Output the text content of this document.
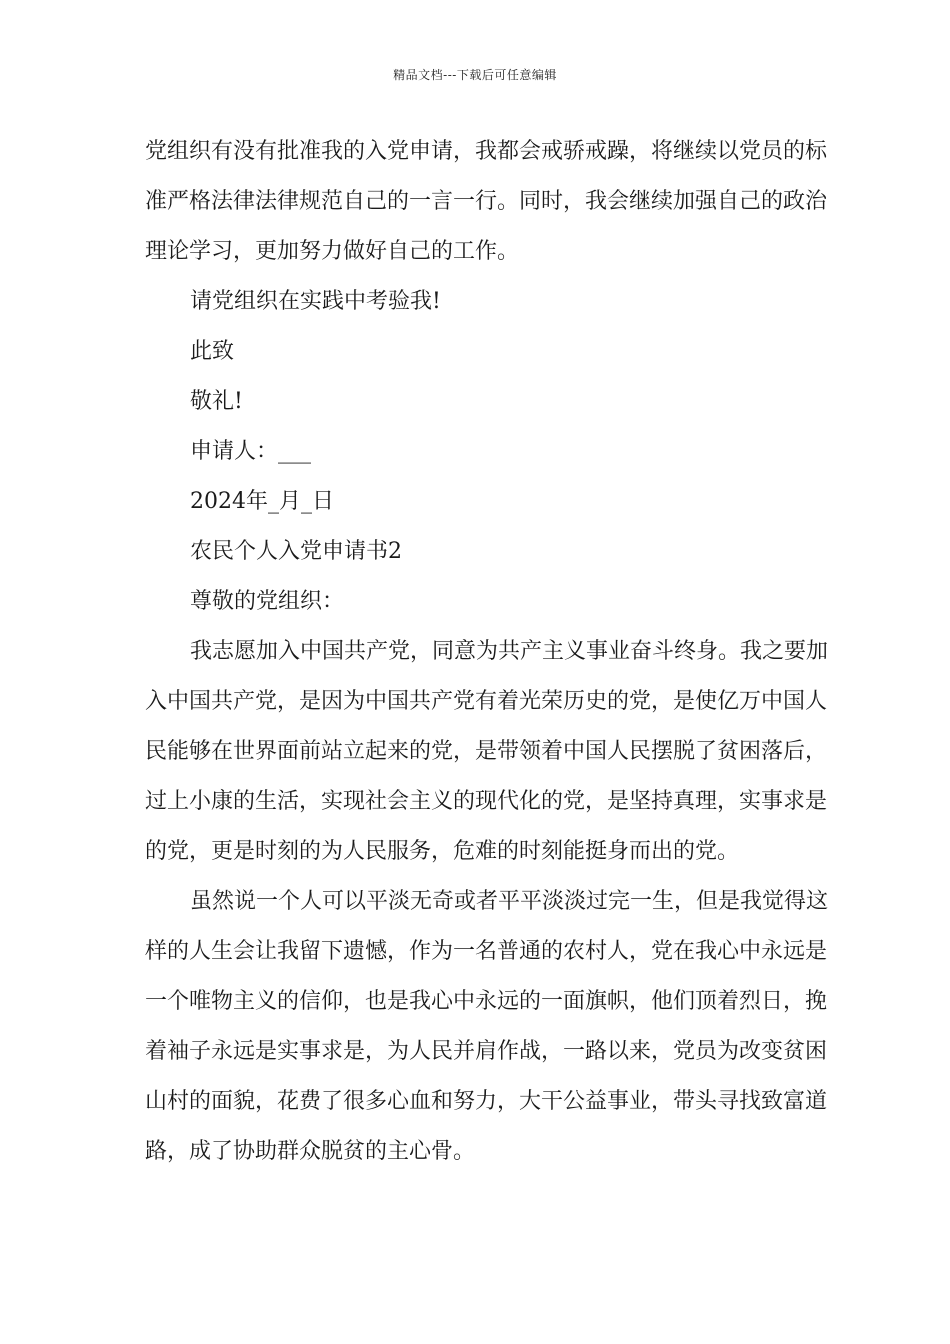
精品文档---下载后可任意编辑

党组织有没有批准我的入党申请，我都会戒骄戒躁，将继续以党员的标准严格法律法律规范自己的一言一行。同时，我会继续加强自己的政治理论学习，更加努力做好自己的工作。

请党组织在实践中考验我!

此致

敬礼!

申请人：___

2024年_月_日

农民个人入党申请书2

尊敬的党组织：

我志愿加入中国共产党，同意为共产主义事业奋斗终身。我之要加入中国共产党，是因为中国共产党有着光荣历史的党，是使亿万中国人民能够在世界面前站立起来的党，是带领着中国人民摆脱了贫困落后，过上小康的生活，实现社会主义的现代化的党，是坚持真理，实事求是的党，更是时刻的为人民服务，危难的时刻能挺身而出的党。

虽然说一个人可以平淡无奇或者平平淡淡过完一生，但是我觉得这样的人生会让我留下遗憾，作为一名普通的农村人，党在我心中永远是一个唯物主义的信仰，也是我心中永远的一面旗帜，他们顶着烈日，挽着袖子永远是实事求是，为人民并肩作战，一路以来，党员为改变贫困山村的面貌，花费了很多心血和努力，大干公益事业，带头寻找致富道路，成了协助群众脱贫的主心骨。
